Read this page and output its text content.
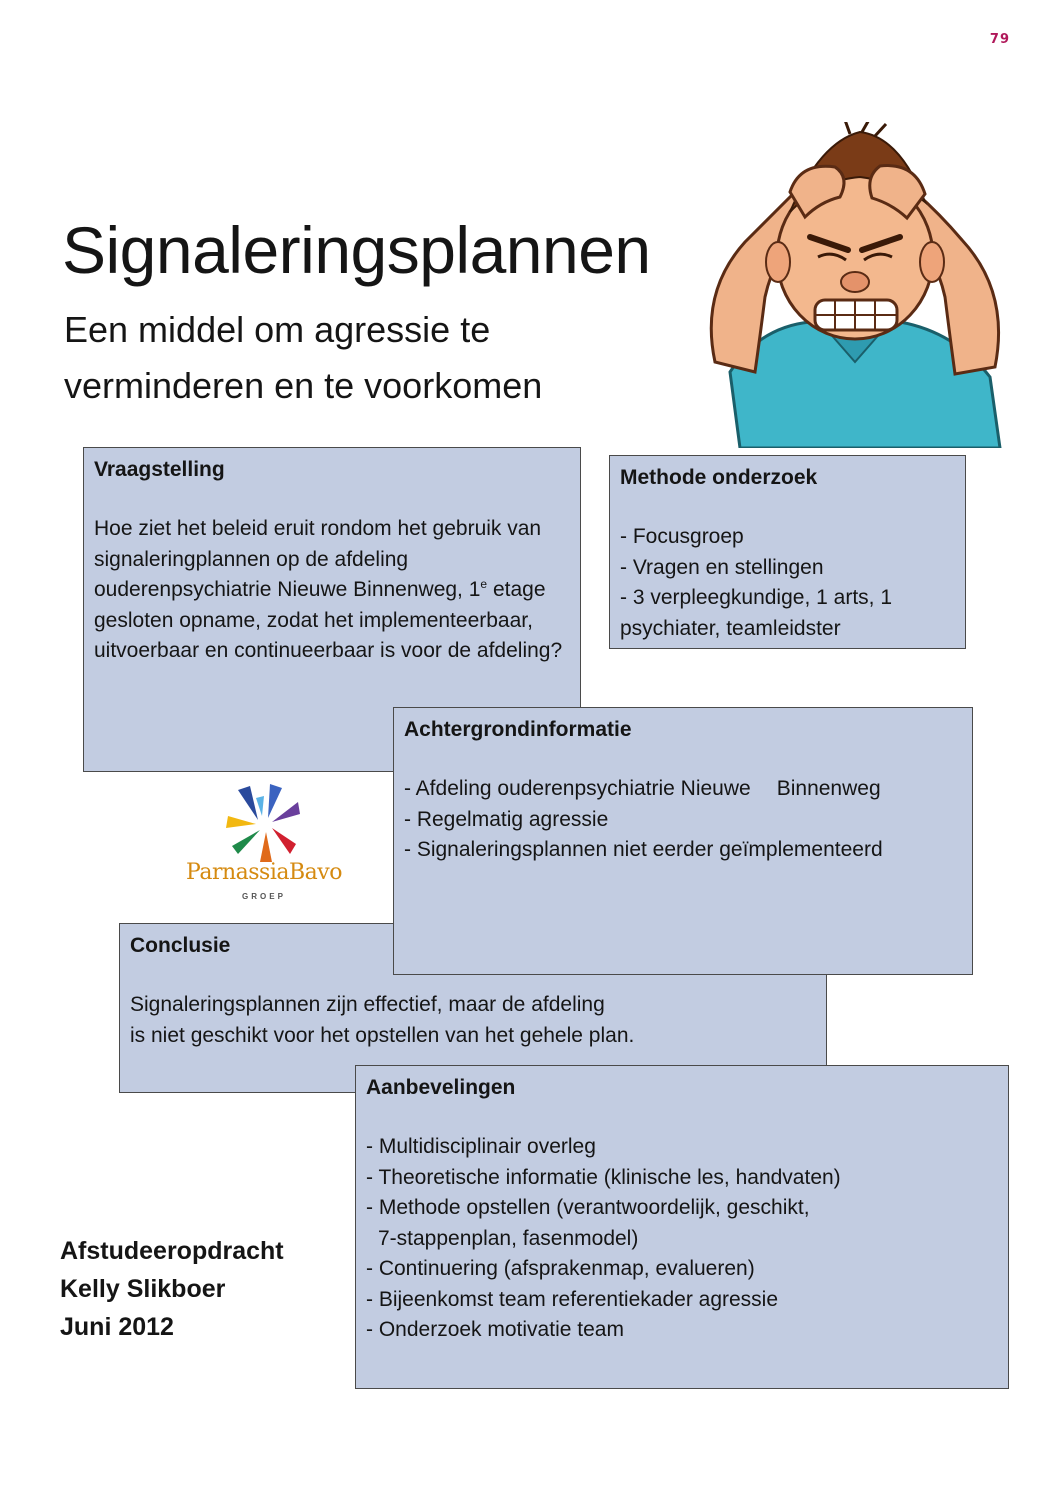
79
Signaleringsplannen
Een middel om agressie te
verminderen en te voorkomen
Vraagstelling

Hoe ziet het beleid eruit rondom het gebruik van signaleringplannen op de afdeling ouderenpsychiatrie Nieuwe Binnenweg, 1e etage gesloten opname, zodat het implementeerbaar, uitvoerbaar en continueerbaar is voor de afdeling?

Methode onderzoek
- Focusgroep
- Vragen en stellingen
- 3 verpleegkundige, 1 arts, 1 psychiater, teamleidster
ParnassiaBavo
GROEP
Conclusie

Signaleringsplannen zijn effectief, maar de afdeling

is niet geschikt voor het opstellen van het gehele plan.

Achtergrondinformatie
- Afdeling ouderenpsychiatrie Nieuwe Binnenweg
- Regelmatig agressie
- Signaleringsplannen niet eerder geïmplementeerd
Aanbevelingen
- Multidisciplinair overleg
- Theoretische informatie (klinische les, handvaten)
- Methode opstellen (verantwoordelijk, geschikt,
7-stappenplan, fasenmodel)
- Continuering (afsprakenmap, evalueren)
- Bijeenkomst team referentiekader agressie
- Onderzoek motivatie team
Afstudeeropdracht
Kelly Slikboer
Juni 2012
